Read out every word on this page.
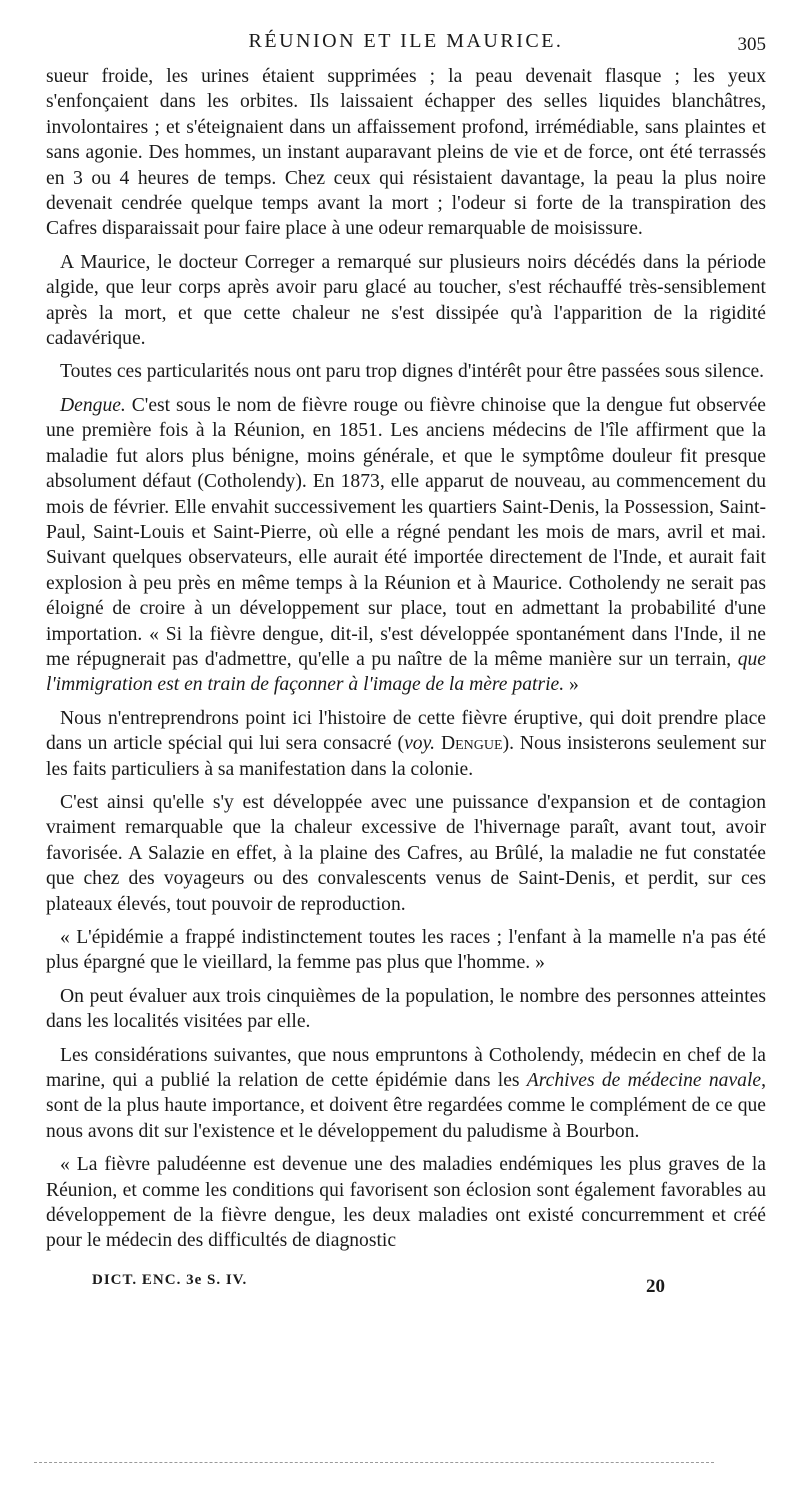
RÉUNION ET ILE MAURICE.	305

sueur froide, les urines étaient supprimées ; la peau devenait flasque ; les yeux s'enfonçaient dans les orbites. Ils laissaient échapper des selles liquides blanchâtres, involontaires ; et s'éteignaient dans un affaissement profond, irrémédiable, sans plaintes et sans agonie. Des hommes, un instant auparavant pleins de vie et de force, ont été terrassés en 3 ou 4 heures de temps. Chez ceux qui résistaient davantage, la peau la plus noire devenait cendrée quelque temps avant la mort ; l'odeur si forte de la transpiration des Cafres disparaissait pour faire place à une odeur remarquable de moisissure.

A Maurice, le docteur Correger a remarqué sur plusieurs noirs décédés dans la période algide, que leur corps après avoir paru glacé au toucher, s'est réchauffé très-sensiblement après la mort, et que cette chaleur ne s'est dissipée qu'à l'apparition de la rigidité cadavérique.

Toutes ces particularités nous ont paru trop dignes d'intérêt pour être passées sous silence.

Dengue. C'est sous le nom de fièvre rouge ou fièvre chinoise que la dengue fut observée une première fois à la Réunion, en 1851. Les anciens médecins de l'île affirment que la maladie fut alors plus bénigne, moins générale, et que le symptôme douleur fit presque absolument défaut (Cotholendy). En 1873, elle apparut de nouveau, au commencement du mois de février. Elle envahit successivement les quartiers Saint-Denis, la Possession, Saint-Paul, Saint-Louis et Saint-Pierre, où elle a régné pendant les mois de mars, avril et mai. Suivant quelques observateurs, elle aurait été importée directement de l'Inde, et aurait fait explosion à peu près en même temps à la Réunion et à Maurice. Cotholendy ne serait pas éloigné de croire à un développement sur place, tout en admettant la probabilité d'une importation. « Si la fièvre dengue, dit-il, s'est développée spontanément dans l'Inde, il ne me répugnerait pas d'admettre, qu'elle a pu naître de la même manière sur un terrain, que l'immigration est en train de façonner à l'image de la mère patrie. »

Nous n'entreprendrons point ici l'histoire de cette fièvre éruptive, qui doit prendre place dans un article spécial qui lui sera consacré (voy. Dengue). Nous insisterons seulement sur les faits particuliers à sa manifestation dans la colonie.

C'est ainsi qu'elle s'y est développée avec une puissance d'expansion et de contagion vraiment remarquable que la chaleur excessive de l'hivernage paraît, avant tout, avoir favorisée. A Salazie en effet, à la plaine des Cafres, au Brûlé, la maladie ne fut constatée que chez des voyageurs ou des convalescents venus de Saint-Denis, et perdit, sur ces plateaux élevés, tout pouvoir de reproduction.

« L'épidémie a frappé indistinctement toutes les races ; l'enfant à la mamelle n'a pas été plus épargné que le vieillard, la femme pas plus que l'homme. »

On peut évaluer aux trois cinquièmes de la population, le nombre des personnes atteintes dans les localités visitées par elle.

Les considérations suivantes, que nous empruntons à Cotholendy, médecin en chef de la marine, qui a publié la relation de cette épidémie dans les Archives de médecine navale, sont de la plus haute importance, et doivent être regardées comme le complément de ce que nous avons dit sur l'existence et le développement du paludisme à Bourbon.

« La fièvre paludéenne est devenue une des maladies endémiques les plus graves de la Réunion, et comme les conditions qui favorisent son éclosion sont également favorables au développement de la fièvre dengue, les deux maladies ont existé concurremment et créé pour le médecin des difficultés de diagnostic

DICT. ENC. 3e S. IV.	20
